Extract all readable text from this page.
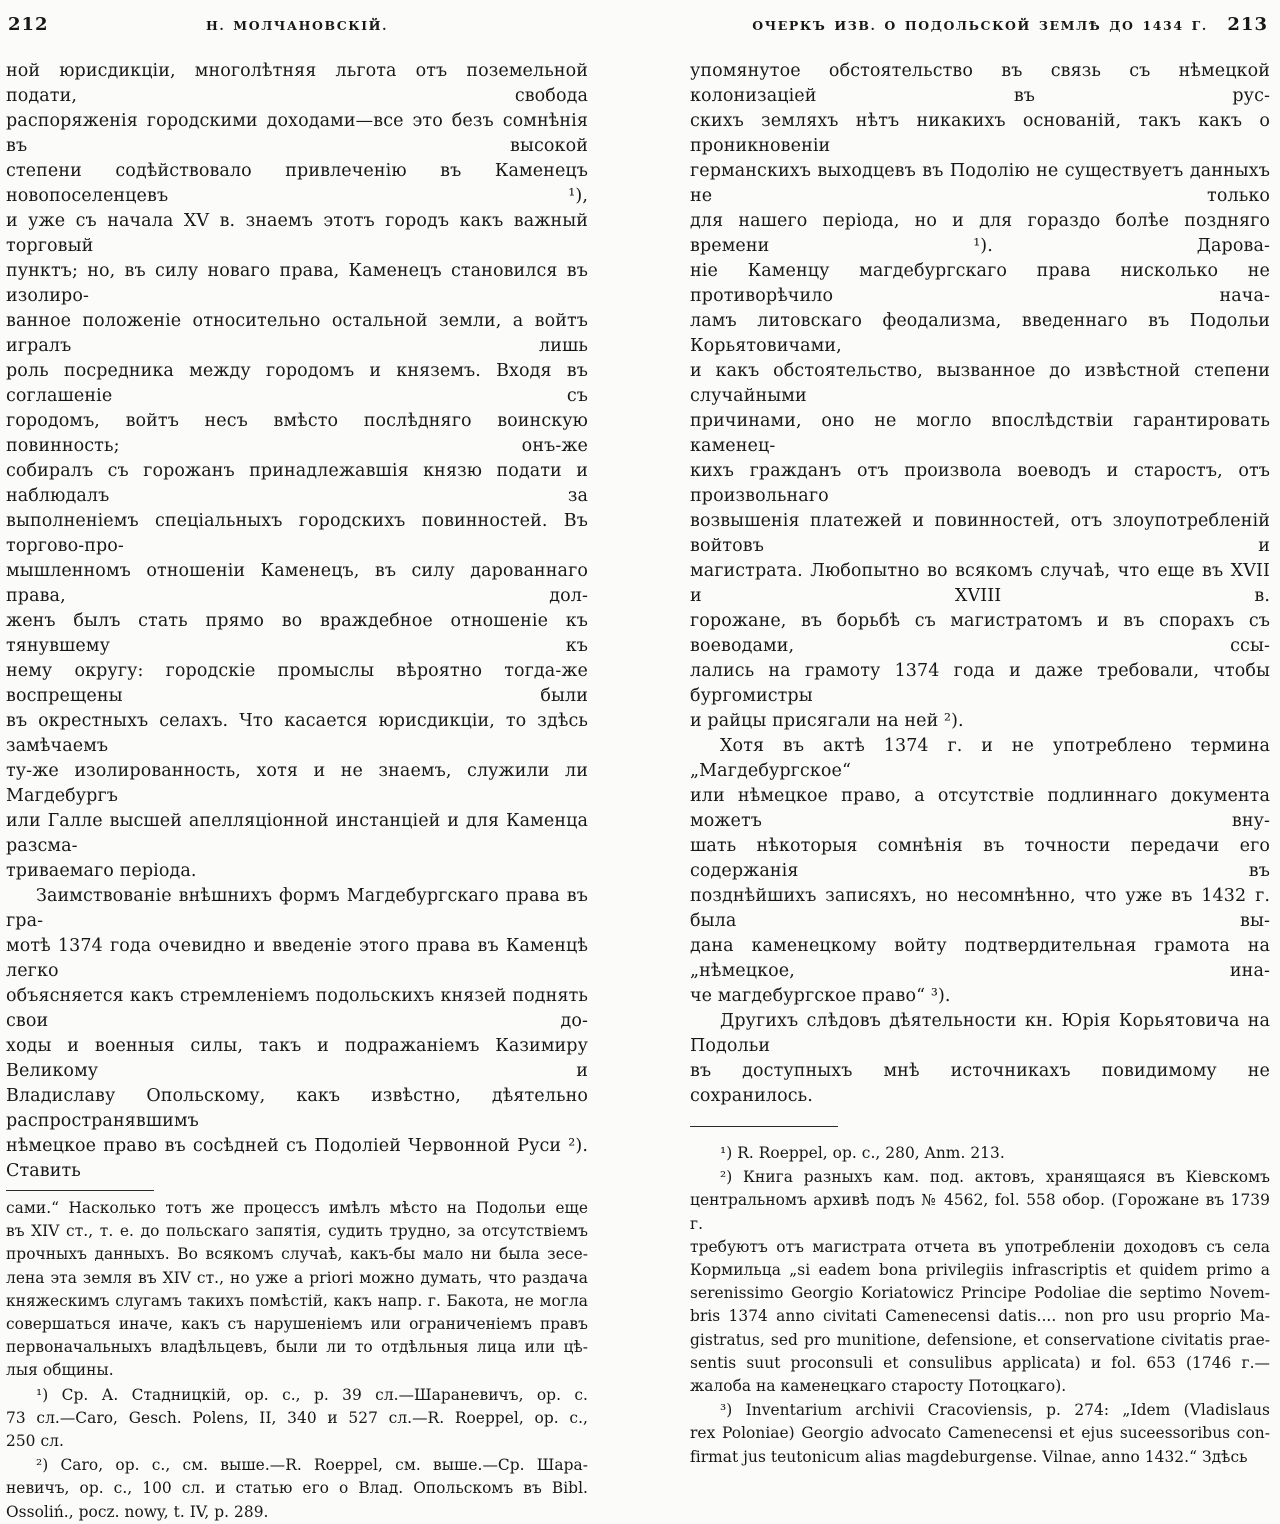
212	Н. МОЛЧАНОВСКІЙ.
ной юрисдикціи, многолѣтняя льгота отъ поземельной подати, свобода
распоряженія городскими доходами—все это безъ сомнѣнія въ высокой
степени содѣйствовало привлеченію въ Каменецъ новопоселенцевъ ¹),
и уже съ начала XV в. знаемъ этотъ городъ какъ важный торговый
пунктъ; но, въ силу новаго права, Каменецъ становился въ изолиро-
ванное положеніе относительно остальной земли, а войтъ игралъ лишь
роль посредника между городомъ и княземъ. Входя въ соглашеніе съ
городомъ, войтъ несъ вмѣсто послѣдняго воинскую повинность; онъ-же
собиралъ съ горожанъ принадлежавшія князю подати и наблюдалъ за
выполненіемъ спеціальныхъ городскихъ повинностей. Въ торгово-про-
мышленномъ отношеніи Каменецъ, въ силу дарованнаго права, дол-
женъ былъ стать прямо во враждебное отношеніе къ тянувшему къ
нему округу: городскіе промыслы вѣроятно тогда-же воспрещены были
въ окрестныхъ селахъ. Что касается юрисдикціи, то здѣсь замѣчаемъ
ту-же изолированность, хотя и не знаемъ, служили ли Магдебургъ
или Галле высшей апелляціонной инстанціей и для Каменца разсма-
триваемаго періода.
Заимствованіе внѣшнихъ формъ Магдебургскаго права въ гра-
мотѣ 1374 года очевидно и введеніе этого права въ Каменцѣ легко
объясняется какъ стремленіемъ подольскихъ князей поднять свои до-
ходы и военныя силы, такъ и подражаніемъ Казимиру Великому и
Владиславу Опольскому, какъ извѣстно, дѣятельно распространявшимъ
нѣмецкое право въ сосѣдней съ Подоліей Червонной Руси ²). Ставить
сами.“ Насколько тотъ же процессъ имѣлъ мѣсто на Подольи еще
въ XIV ст., т. е. до польскаго запятія, судить трудно, за отсутствіемъ
прочныхъ данныхъ. Во всякомъ случаѣ, какъ-бы мало ни была зесе-
лена эта земля въ XIV ст., но уже a priori можно думать, что раздача
княжескимъ слугамъ такихъ помѣстій, какъ напр. г. Бакота, не могла
совершаться иначе, какъ съ нарушеніемъ или ограниченіемъ правъ
первоначальныхъ владѣльцевъ, были ли то отдѣльныя лица или цѣ-
лыя общины.
¹) Ср. А. Стадницкій, op. c., p. 39 сл.—Шараневичъ, op. c.
73 сл.—Caro, Gesch. Polens, II, 340 и 527 сл.—R. Roeppel, op. c.,
250 сл.
²) Caro, op. c., см. выше.—R. Roeppel, см. выше.—Ср. Шара-
невичъ, op. c., 100 сл. и статью его о Влад. Опольскомъ въ Bibl.
Ossoliń., pocz. nowy, t. IV, p. 289.
ОЧЕРКЪ ИЗВ. О ПОДОЛЬСКОЙ ЗЕМЛѢ ДО 1434 Г.	213
упомянутое обстоятельство въ связь съ нѣмецкой колонизаціей въ рус-
скихъ земляхъ нѣтъ никакихъ основаній, такъ какъ о проникновеніи
германскихъ выходцевъ въ Подолію не существуетъ данныхъ не только
для нашего періода, но и для гораздо болѣе поздняго времени ¹). Дарова-
ніе Каменцу магдебургскаго права нисколько не противорѣчило нача-
ламъ литовскаго феодализма, введеннаго въ Подольи Корьятовичами,
и какъ обстоятельство, вызванное до извѣстной степени случайными
причинами, оно не могло впослѣдствіи гарантировать каменец-
кихъ гражданъ отъ произвола воеводъ и старостъ, отъ произвольнаго
возвышенія платежей и повинностей, отъ злоупотребленій войтовъ и
магистрата. Любопытно во всякомъ случаѣ, что еще въ XVII и XVIII в.
горожане, въ борьбѣ съ магистратомъ и въ спорахъ съ воеводами, ссы-
лались на грамоту 1374 года и даже требовали, чтобы бургомистры
и райцы присягали на ней ²).
Хотя въ актѣ 1374 г. и не употреблено термина „Магдебургское“
или нѣмецкое право, а отсутствіе подлиннаго документа можетъ вну-
шать нѣкоторыя сомнѣнія въ точности передачи его содержанія въ
позднѣйшихъ записяхъ, но несомнѣнно, что уже въ 1432 г. была вы-
дана каменецкому войту подтвердительная грамота на „нѣмецкое, ина-
че магдебургское право“ ³).
Другихъ слѣдовъ дѣятельности кн. Юрія Корьятовича на Подольи
въ доступныхъ мнѣ источникахъ повидимому не сохранилось.
¹) R. Roeppel, op. c., 280, Anm. 213.
²) Книга разныхъ кам. под. актовъ, хранящаяся въ Кіевскомъ
центральномъ архивѣ подъ № 4562, fol. 558 обор. (Горожане въ 1739 г.
требуютъ отъ магистрата отчета въ употребленіи доходовъ съ села
Кормильца „si eadem bona privilegiis infrascriptis et quidem primo a
serenissimo Georgio Koriatowicz Principe Podoliae die septimo Novem-
bris 1374 anno civitati Camenecensi datis.... non pro usu proprio Ma-
gistratus, sed pro munitione, defensione, et conservatione civitatis prae-
sentis suut proconsuli et consulibus applicata) и fol. 653 (1746 г.—
жалоба на каменецкаго старосту Потоцкаго).
³) Inventarium archivii Cracoviensis, p. 274: „Idem (Vladislaus
rex Poloniae) Georgio advocato Camenecensi et ejus suceessoribus con-
firmat jus teutonicum alias magdeburgense. Vilnae, anno 1432.“ Здѣсь
